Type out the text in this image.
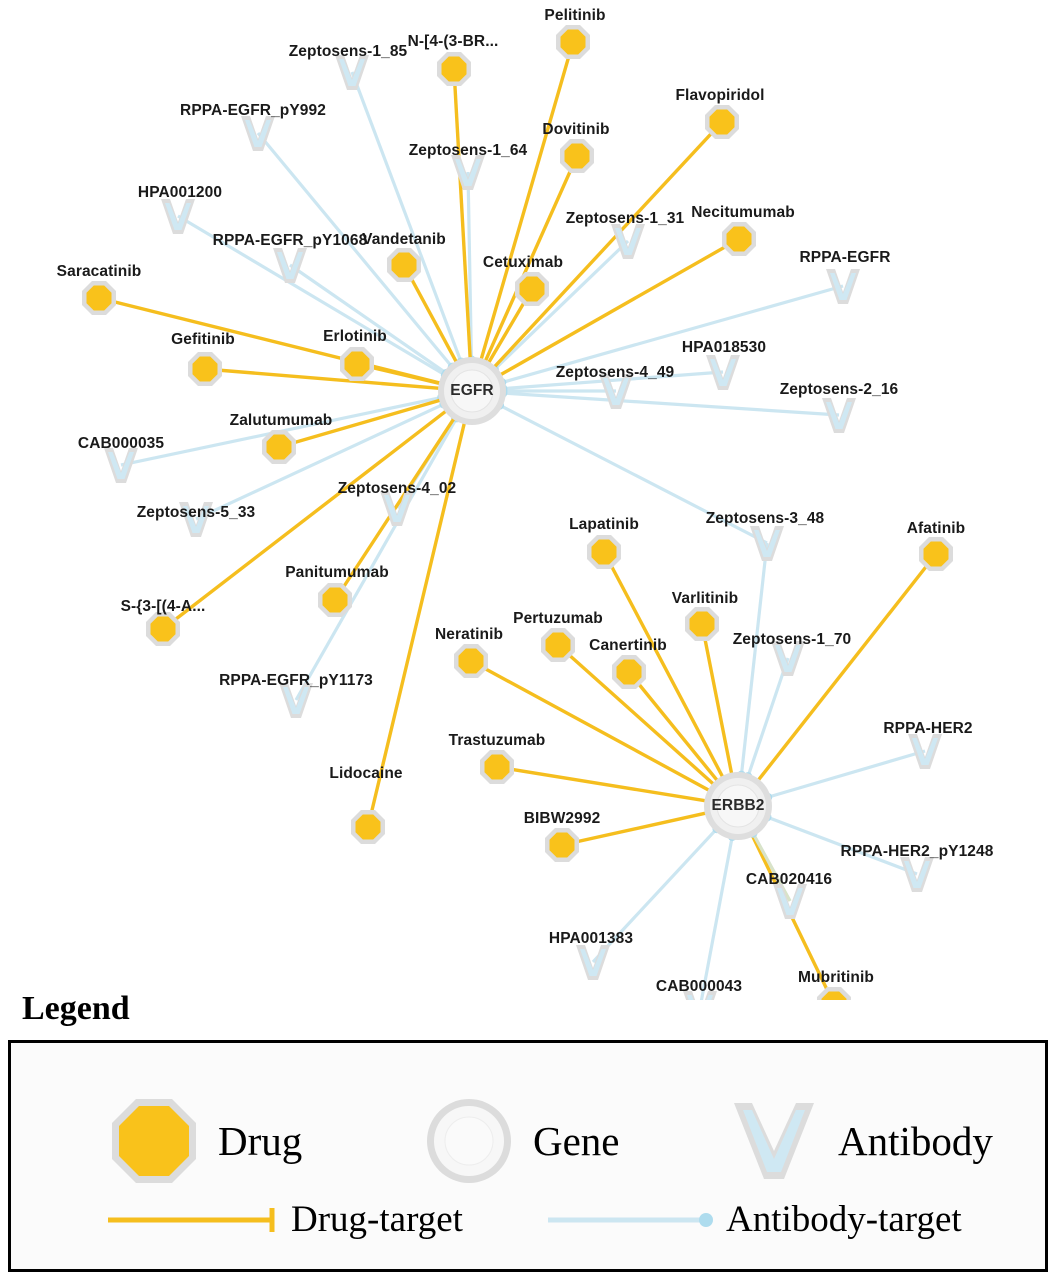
Pelitinib
N-[4-(3-BR...
Flavopiridol
Dovitinib
Necitumumab
Vandetanib
Cetuximab
Saracatinib
Gefitinib	Erlotinib
Zalutumumab
Afatinib
Lapatinib
Varlitinib
Panitumumab
S-{3-[(4-A...
Pertuzumab
Neratinib
Canertinib
Trastuzumab
Lidocaine
BIBW2992
Mubritinib
Zeptosens-1_85
RPPA-EGFR_pY992
Zeptosens-1_64
HPA001200
Zeptosens-1_31
RPPA-EGFR_pY1068
RPPA-EGFR
HPA018530
Zeptosens-4_49
Zeptosens-2_16
CAB000035
Zeptosens-5_33
Zeptosens-4_02
Zeptosens-3_48
Zeptosens-1_70
RPPA-EGFR_pY1173
RPPA-HER2
RPPA-HER2_pY1248
CAB020416
HPA001383
CAB000043
EGFR
ERBB2
Legend
Drug	Gene	Antibody
Drug-target	Antibody-target
